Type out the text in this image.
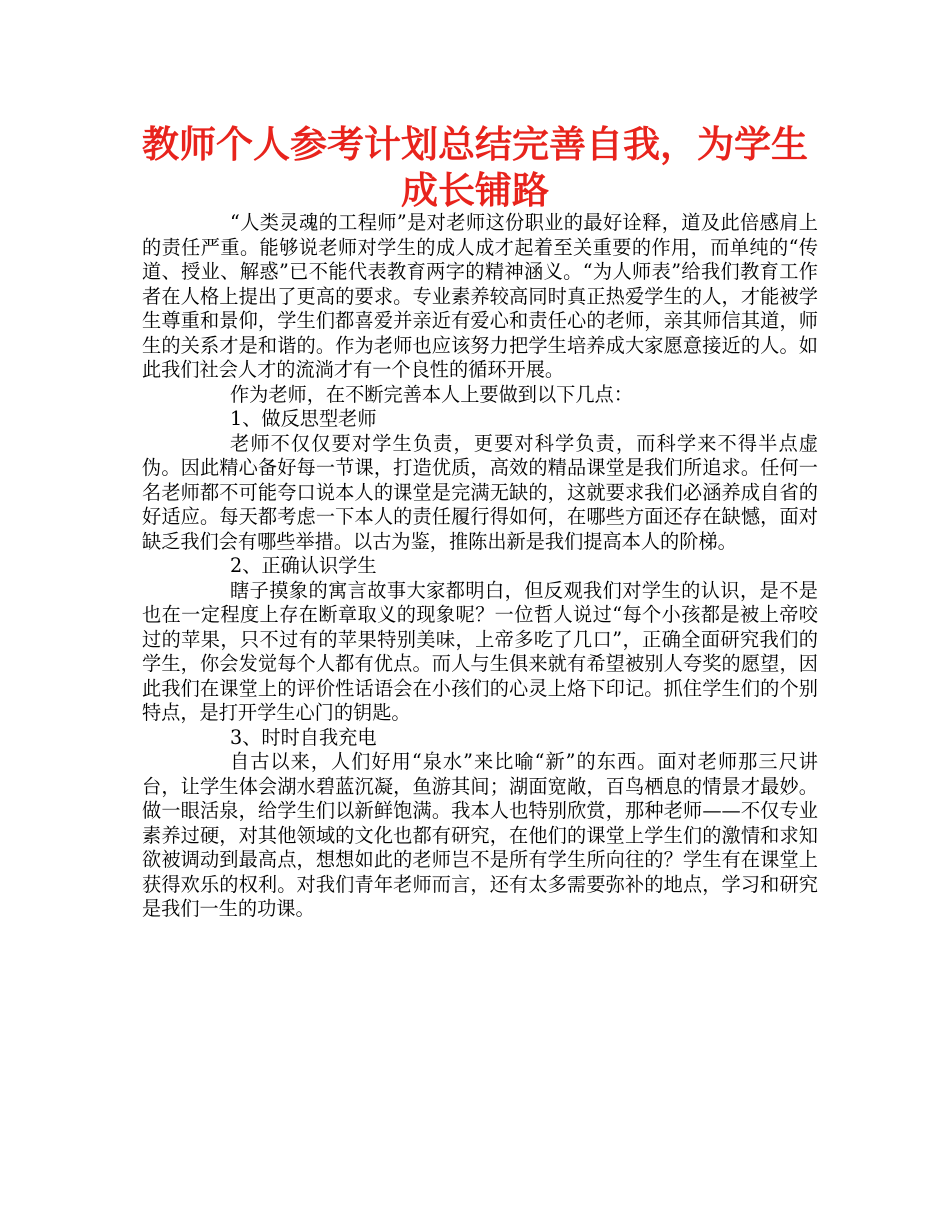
教师个人参考计划总结完善自我，为学生成长铺路

“人类灵魂的工程师”是对老师这份职业的最好诠释，道及此倍感肩上的责任严重。能够说老师对学生的成人成才起着至关重要的作用，而单纯的“传道、授业、解惑”已不能代表教育两字的精神涵义。“为人师表”给我们教育工作者在人格上提出了更高的要求。专业素养较高同时真正热爱学生的人，才能被学生尊重和景仰，学生们都喜爱并亲近有爱心和责任心的老师，亲其师信其道，师生的关系才是和谐的。作为老师也应该努力把学生培养成大家愿意接近的人。如此我们社会人才的流淌才有一个良性的循环开展。

作为老师，在不断完善本人上要做到以下几点：

1、做反思型老师

老师不仅仅要对学生负责，更要对科学负责，而科学来不得半点虚伪。因此精心备好每一节课，打造优质，高效的精品课堂是我们所追求。任何一名老师都不可能夸口说本人的课堂是完满无缺的，这就要求我们必涵养成自省的好适应。每天都考虑一下本人的责任履行得如何，在哪些方面还存在缺憾，面对缺乏我们会有哪些举措。以古为鉴，推陈出新是我们提高本人的阶梯。

2、正确认识学生

瞎子摸象的寓言故事大家都明白，但反观我们对学生的认识，是不是也在一定程度上存在断章取义的现象呢？一位哲人说过“每个小孩都是被上帝咬过的苹果，只不过有的苹果特别美味，上帝多吃了几口”，正确全面研究我们的学生，你会发觉每个人都有优点。而人与生俱来就有希望被别人夸奖的愿望，因此我们在课堂上的评价性话语会在小孩们的心灵上烙下印记。抓住学生们的个别特点，是打开学生心门的钥匙。

3、时时自我充电

自古以来，人们好用“泉水”来比喻“新”的东西。面对老师那三尺讲台，让学生体会湖水碧蓝沉凝，鱼游其间；湖面宽敞，百鸟栖息的情景才最妙。做一眼活泉，给学生们以新鲜饱满。我本人也特别欣赏，那种老师——不仅专业素养过硬，对其他领域的文化也都有研究，在他们的课堂上学生们的激情和求知欲被调动到最高点，想想如此的老师岂不是所有学生所向往的？学生有在课堂上获得欢乐的权利。对我们青年老师而言，还有太多需要弥补的地点，学习和研究是我们一生的功课。
